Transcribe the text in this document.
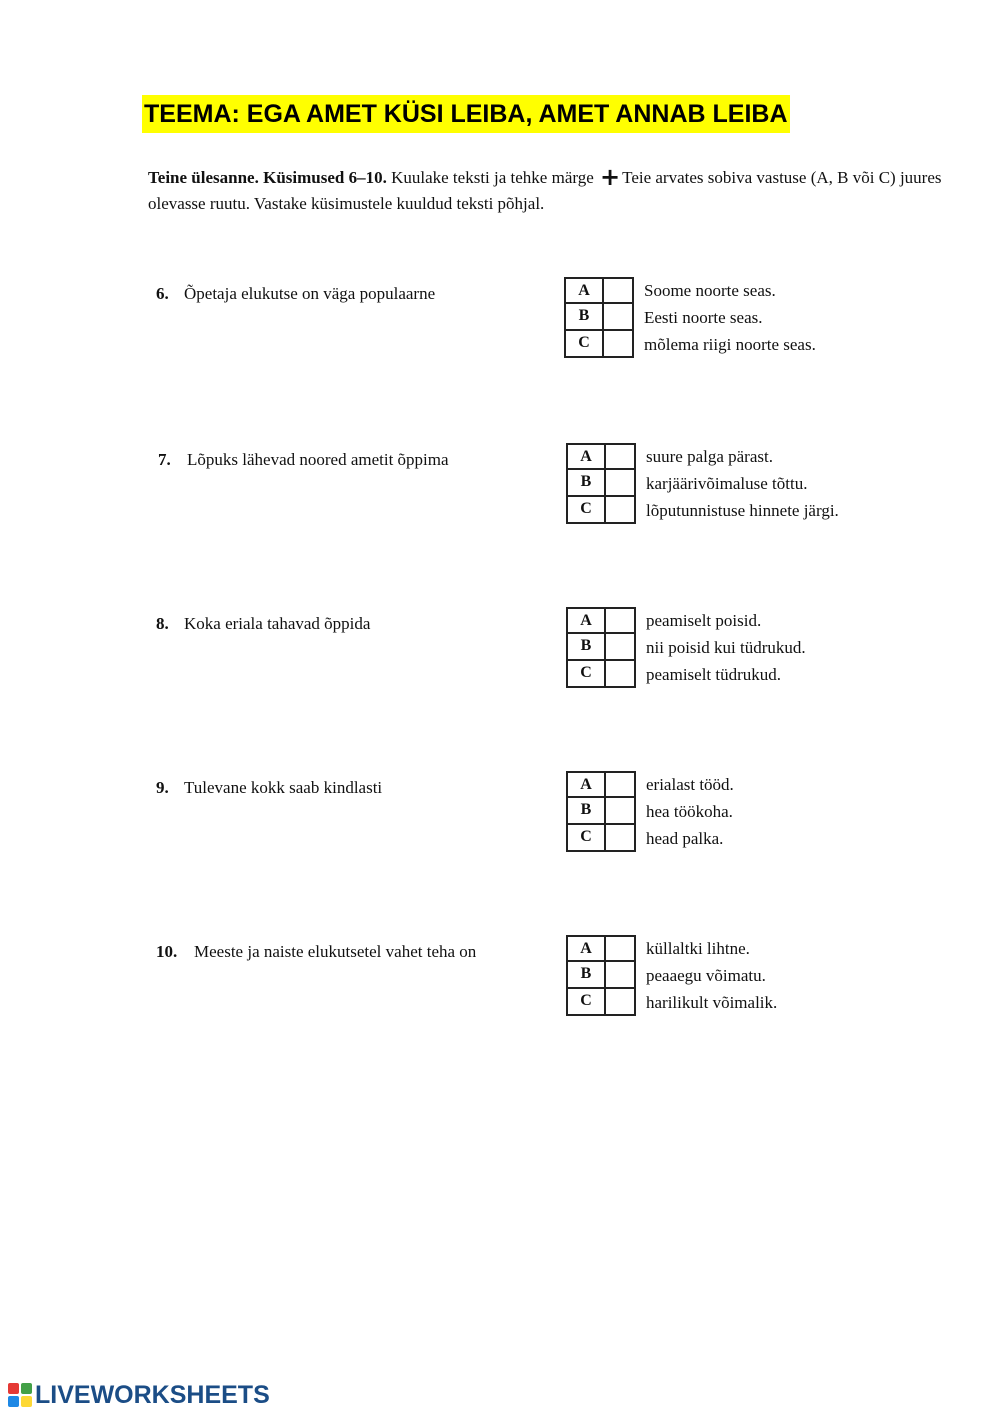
TEEMA: EGA AMET KÜSI LEIBA, AMET ANNAB LEIBA
Teine ülesanne. Küsimused 6–10. Kuulake teksti ja tehke märge + Teie arvates sobiva vastuse (A, B või C) juures olevasse ruutu. Vastake küsimustele kuuldud teksti põhjal.
6. Õpetaja elukutse on väga populaarne	A	Soome noorte seas.
B	Eesti noorte seas.
C	mõlema riigi noorte seas.
7. Lõpuks lähevad noored ametit õppima	A	suure palga pärast.
B	karjäärivõimaluse tõttu.
C	lõputunnistuse hinnete järgi.
8. Koka eriala tahavad õppida	A	peamiselt poisid.
B	nii poisid kui tüdrukud.
C	peamiselt tüdrukud.
9. Tulevane kokk saab kindlasti	A	erialast tööd.
B	hea töökoha.
C	head palka.
10. Meeste ja naiste elukutsetel vahet teha on	A	küllaltki lihtne.
B	peaaegu võimatu.
C	harilikult võimalik.
LIVEWORKSHEETS
